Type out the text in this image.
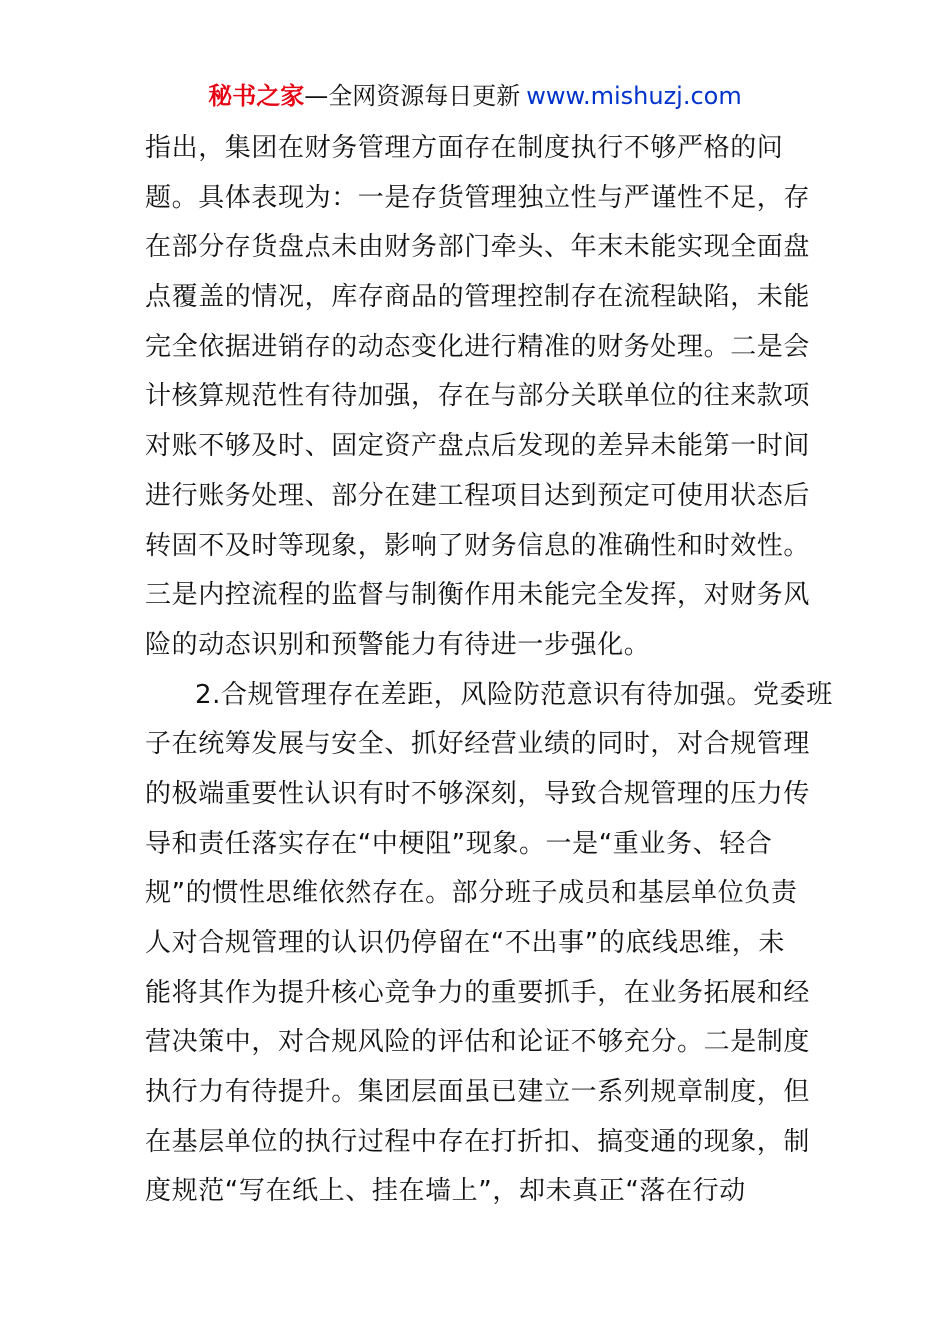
秘书之家—全网资源每日更新 www.mishuzj.com
指出，集团在财务管理方面存在制度执行不够严格的问
题。具体表现为：一是存货管理独立性与严谨性不足，存
在部分存货盘点未由财务部门牵头、年末未能实现全面盘
点覆盖的情况，库存商品的管理控制存在流程缺陷，未能
完全依据进销存的动态变化进行精准的财务处理。二是会
计核算规范性有待加强，存在与部分关联单位的往来款项
对账不够及时、固定资产盘点后发现的差异未能第一时间
进行账务处理、部分在建工程项目达到预定可使用状态后
转固不及时等现象，影响了财务信息的准确性和时效性。
三是内控流程的监督与制衡作用未能完全发挥，对财务风
险的动态识别和预警能力有待进一步强化。
2.合规管理存在差距，风险防范意识有待加强。党委班
子在统筹发展与安全、抓好经营业绩的同时，对合规管理
的极端重要性认识有时不够深刻，导致合规管理的压力传
导和责任落实存在“中梗阻”现象。一是“重业务、轻合
规”的惯性思维依然存在。部分班子成员和基层单位负责
人对合规管理的认识仍停留在“不出事”的底线思维，未
能将其作为提升核心竞争力的重要抓手，在业务拓展和经
营决策中，对合规风险的评估和论证不够充分。二是制度
执行力有待提升。集团层面虽已建立一系列规章制度，但
在基层单位的执行过程中存在打折扣、搞变通的现象，制
度规范“写在纸上、挂在墙上”，却未真正“落在行动
